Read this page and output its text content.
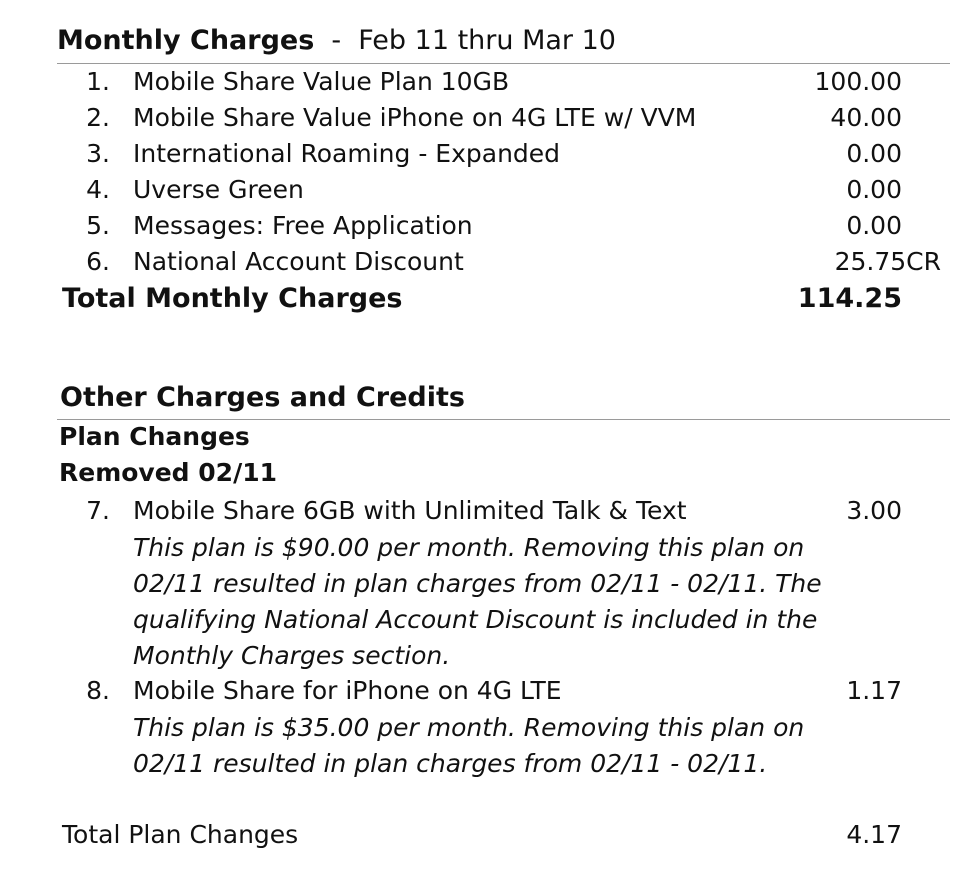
Monthly Charges - Feb 11 thru Mar 10
1. Mobile Share Value Plan 10GB	100.00
2. Mobile Share Value iPhone on 4G LTE w/ VVM	40.00
3. International Roaming - Expanded	0.00
4. Uverse Green	0.00
5. Messages: Free Application	0.00
6. National Account Discount	25.75CR
Total Monthly Charges	114.25
Other Charges and Credits
Plan Changes
Removed 02/11
7. Mobile Share 6GB with Unlimited Talk & Text	3.00
This plan is $90.00 per month. Removing this plan on 02/11 resulted in plan charges from 02/11 - 02/11. The qualifying National Account Discount is included in the Monthly Charges section.
8. Mobile Share for iPhone on 4G LTE	1.17
This plan is $35.00 per month. Removing this plan on 02/11 resulted in plan charges from 02/11 - 02/11.
Total Plan Changes	4.17
